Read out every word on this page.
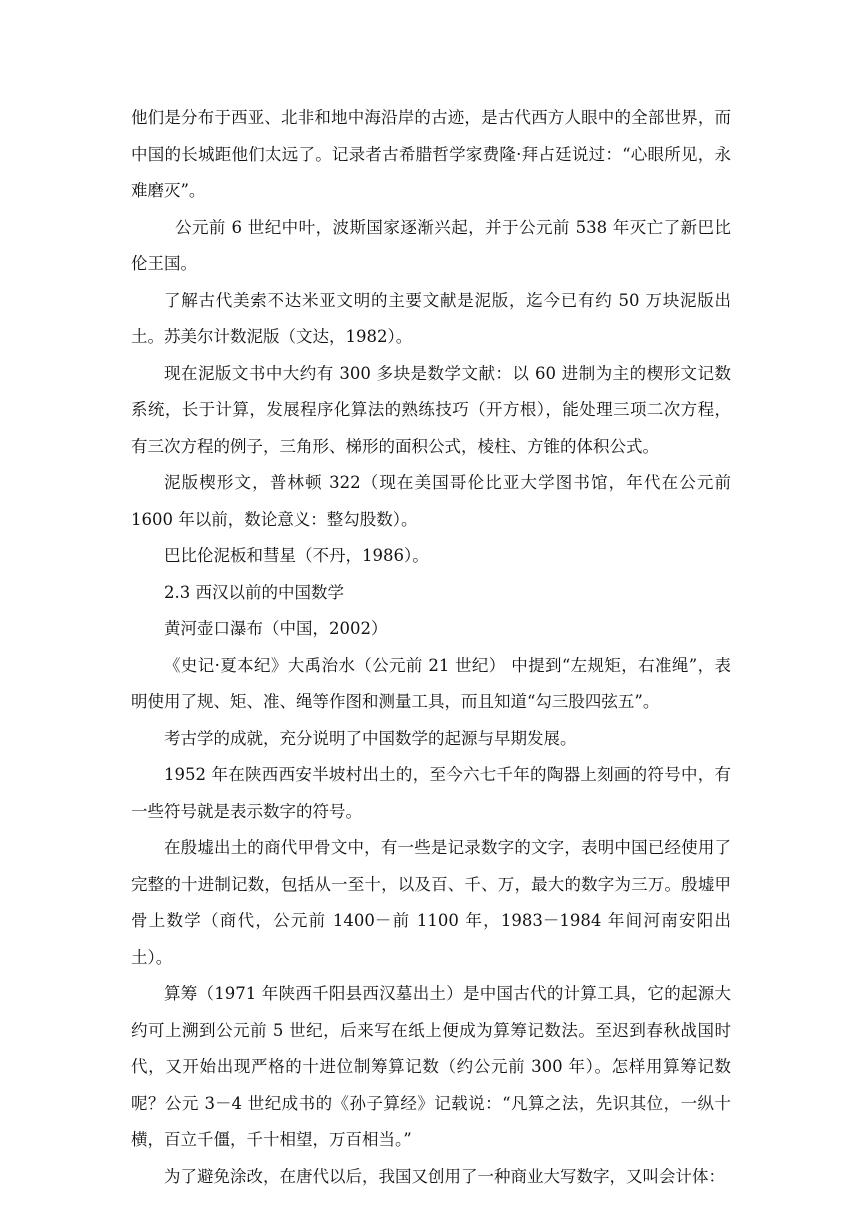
他们是分布于西亚、北非和地中海沿岸的古迹，是古代西方人眼中的全部世界，而中国的长城距他们太远了。记录者古希腊哲学家费隆·拜占廷说过：“心眼所见，永难磨灭”。

公元前 6 世纪中叶，波斯国家逐渐兴起，并于公元前 538 年灭亡了新巴比伦王国。

了解古代美索不达米亚文明的主要文献是泥版，迄今已有约 50 万块泥版出土。苏美尔计数泥版（文达，1982）。

现在泥版文书中大约有 300 多块是数学文献：以 60 进制为主的楔形文记数系统，长于计算，发展程序化算法的熟练技巧（开方根），能处理三项二次方程，有三次方程的例子，三角形、梯形的面积公式，棱柱、方锥的体积公式。

泥版楔形文，普林顿 322（现在美国哥伦比亚大学图书馆，年代在公元前 1600 年以前，数论意义：整勾股数）。

巴比伦泥板和彗星（不丹，1986）。

2.3 西汉以前的中国数学

黄河壶口瀑布（中国，2002）

《史记·夏本纪》大禹治水（公元前 21 世纪） 中提到“左规矩，右准绳”，表明使用了规、矩、准、绳等作图和测量工具，而且知道“勾三股四弦五”。

考古学的成就，充分说明了中国数学的起源与早期发展。

1952 年在陕西西安半坡村出土的，至今六七千年的陶器上刻画的符号中，有一些符号就是表示数字的符号。

在殷墟出土的商代甲骨文中，有一些是记录数字的文字，表明中国已经使用了完整的十进制记数，包括从一至十，以及百、千、万，最大的数字为三万。殷墟甲骨上数学（商代，公元前 1400－前 1100 年，1983－1984 年间河南安阳出土）。

算筹（1971 年陕西千阳县西汉墓出土）是中国古代的计算工具，它的起源大约可上溯到公元前 5 世纪，后来写在纸上便成为算筹记数法。至迟到春秋战国时代，又开始出现严格的十进位制筹算记数（约公元前 300 年）。怎样用算筹记数呢？公元 3－4 世纪成书的《孙子算经》记载说：“凡算之法，先识其位，一纵十横，百立千僵，千十相望，万百相当。”

为了避免涂改，在唐代以后，我国又创用了一种商业大写数字，又叫会计体：
